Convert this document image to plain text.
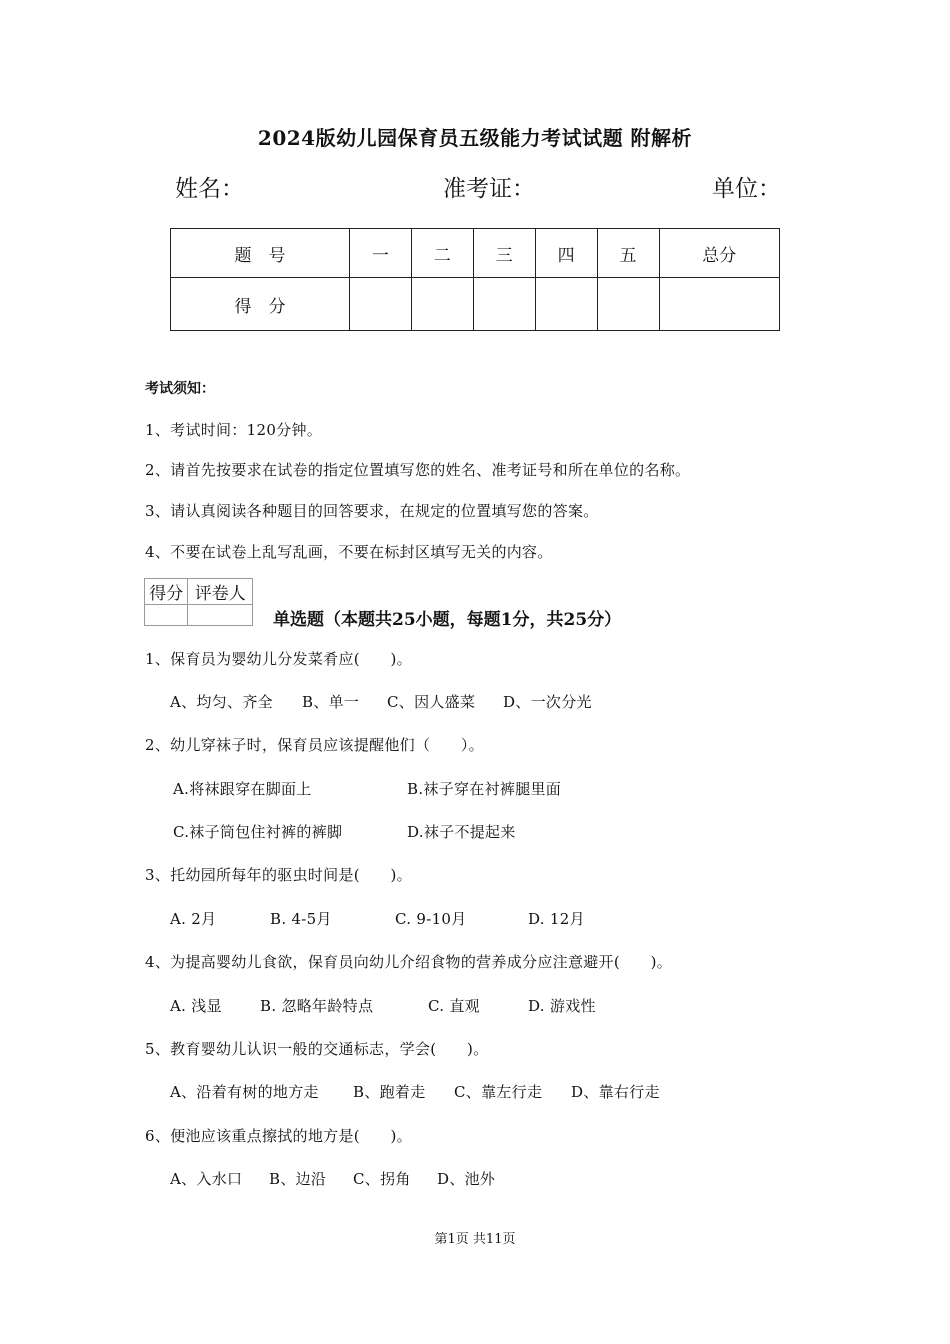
2024版幼儿园保育员五级能力考试试题 附解析
姓名：	准考证：	单位：
题　号	一	二	三	四	五	总分
得　分						
考试须知：
1、考试时间：120分钟。
2、请首先按要求在试卷的指定位置填写您的姓名、准考证号和所在单位的名称。
3、请认真阅读各种题目的回答要求，在规定的位置填写您的答案。
4、不要在试卷上乱写乱画，不要在标封区填写无关的内容。
得分	评卷人

单选题（本题共25小题，每题1分，共25分）
1、保育员为婴幼儿分发菜肴应(　　)。
A、均匀、齐全 B、单一 C、因人盛菜 D、一次分光
2、幼儿穿袜子时，保育员应该提醒他们（　　）。
A.将袜跟穿在脚面上	B.袜子穿在衬裤腿里面
C.袜子筒包住衬裤的裤脚	D.袜子不提起来
3、托幼园所每年的驱虫时间是(　　)。
A. 2月	B. 4-5月	C. 9-10月	D. 12月
4、为提高婴幼儿食欲，保育员向幼儿介绍食物的营养成分应注意避开(　　)。
A. 浅显	B. 忽略年龄特点	C. 直观	D. 游戏性
5、教育婴幼儿认识一般的交通标志，学会(　　)。
A、沿着有树的地方走 B、跑着走 C、靠左行走 D、靠右行走
6、便池应该重点擦拭的地方是(　　)。
A、入水口 B、边沿 C、拐角 D、池外
第1页 共11页
